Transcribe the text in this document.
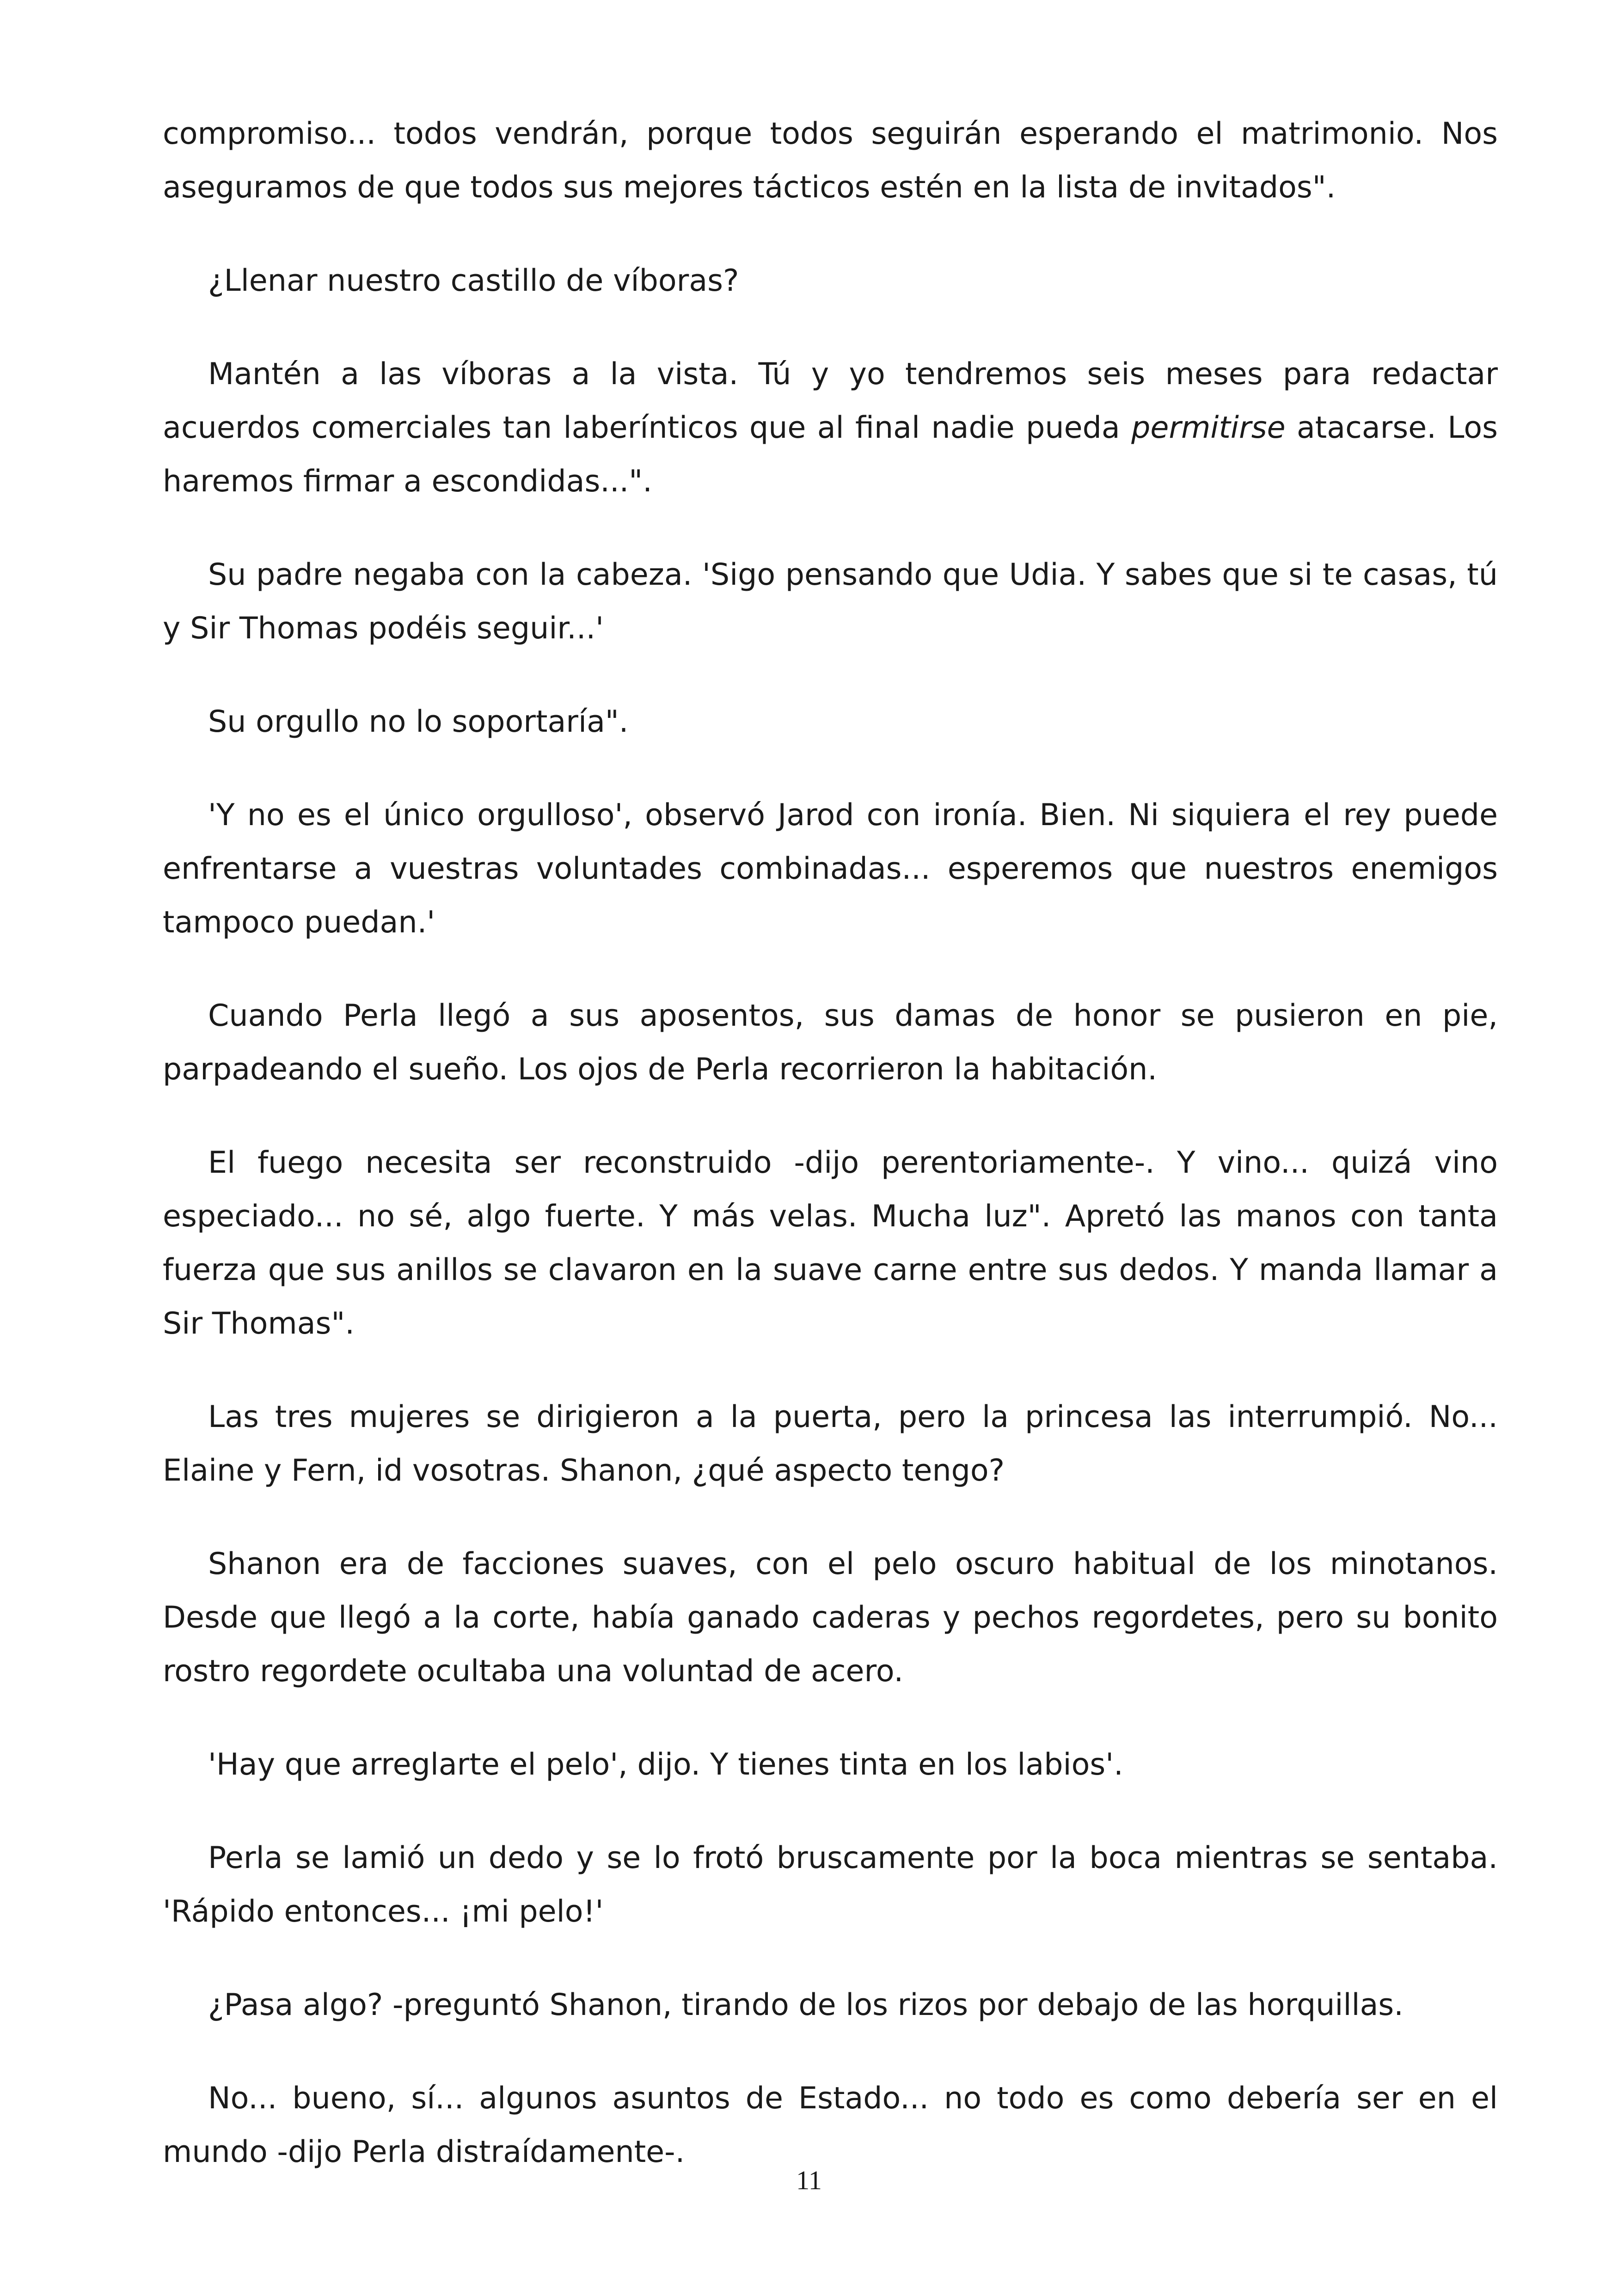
compromiso... todos vendrán, porque todos seguirán esperando el matrimonio. Nos aseguramos de que todos sus mejores tácticos estén en la lista de invitados".

¿Llenar nuestro castillo de víboras?

Mantén a las víboras a la vista. Tú y yo tendremos seis meses para redactar acuerdos comerciales tan laberínticos que al final nadie pueda permitirse atacarse. Los haremos firmar a escondidas...".

Su padre negaba con la cabeza. 'Sigo pensando que Udia. Y sabes que si te casas, tú y Sir Thomas podéis seguir...'

Su orgullo no lo soportaría".

'Y no es el único orgulloso', observó Jarod con ironía. Bien. Ni siquiera el rey puede enfrentarse a vuestras voluntades combinadas... esperemos que nuestros enemigos tampoco puedan.'

Cuando Perla llegó a sus aposentos, sus damas de honor se pusieron en pie, parpadeando el sueño. Los ojos de Perla recorrieron la habitación.

El fuego necesita ser reconstruido -dijo perentoriamente-. Y vino... quizá vino especiado... no sé, algo fuerte. Y más velas. Mucha luz". Apretó las manos con tanta fuerza que sus anillos se clavaron en la suave carne entre sus dedos. Y manda llamar a Sir Thomas".

Las tres mujeres se dirigieron a la puerta, pero la princesa las interrumpió. No... Elaine y Fern, id vosotras. Shanon, ¿qué aspecto tengo?

Shanon era de facciones suaves, con el pelo oscuro habitual de los minotanos. Desde que llegó a la corte, había ganado caderas y pechos regordetes, pero su bonito rostro regordete ocultaba una voluntad de acero.

'Hay que arreglarte el pelo', dijo. Y tienes tinta en los labios'.

Perla se lamió un dedo y se lo frotó bruscamente por la boca mientras se sentaba. 'Rápido entonces... ¡mi pelo!'

¿Pasa algo? -preguntó Shanon, tirando de los rizos por debajo de las horquillas.

No... bueno, sí... algunos asuntos de Estado... no todo es como debería ser en el mundo -dijo Perla distraídamente-.

11
